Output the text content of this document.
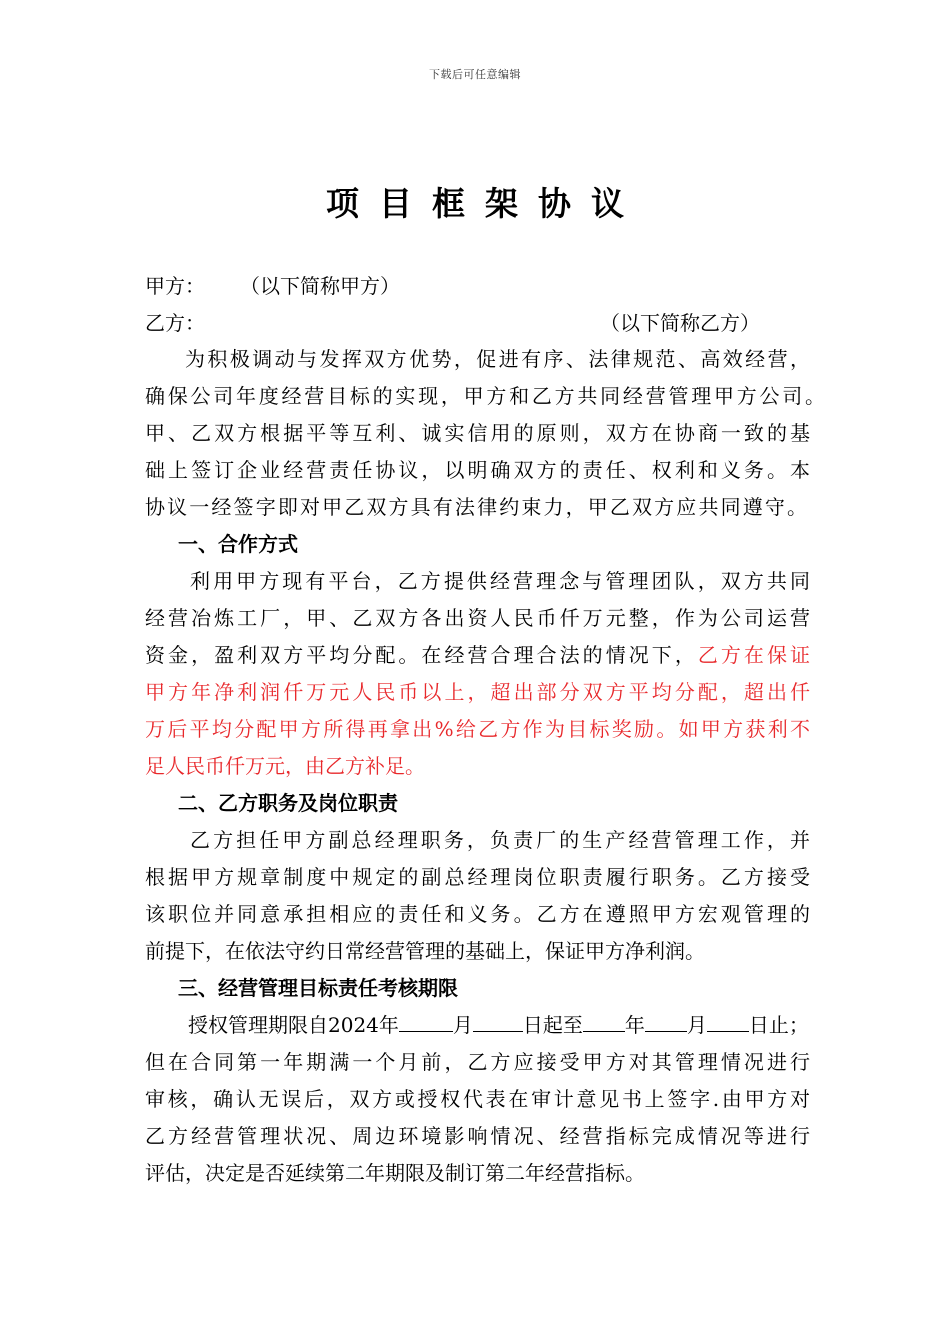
下载后可任意编辑
项目框架协议
甲方：	（以下简称甲方）
乙方：	（以下简称乙方）
为积极调动与发挥双方优势，促进有序、法律规范、高效经营，
确保公司年度经营目标的实现，甲方和乙方共同经营管理甲方公司。
甲、乙双方根据平等互利、诚实信用的原则，双方在协商一致的基
础上签订企业经营责任协议，以明确双方的责任、权利和义务。本
协议一经签字即对甲乙双方具有法律约束力，甲乙双方应共同遵守。
一、合作方式
利用甲方现有平台，乙方提供经营理念与管理团队，双方共同
经营冶炼工厂，甲、乙双方各出资人民币仟万元整，作为公司运营
资金，盈利双方平均分配。在经营合理合法的情况下，乙方在保证
甲方年净利润仟万元人民币以上，超出部分双方平均分配，超出仟
万后平均分配甲方所得再拿出%给乙方作为目标奖励。如甲方获利不
足人民币仟万元，由乙方补足。
二、乙方职务及岗位职责
乙方担任甲方副总经理职务，负责厂的生产经营管理工作，并
根据甲方规章制度中规定的副总经理岗位职责履行职务。乙方接受
该职位并同意承担相应的责任和义务。乙方在遵照甲方宏观管理的
前提下，在依法守约日常经营管理的基础上，保证甲方净利润。
三、经营管理目标责任考核期限
授权管理期限自2024年	月	日起至 年 月 日止；
但在合同第一年期满一个月前，乙方应接受甲方对其管理情况进行
审核，确认无误后，双方或授权代表在审计意见书上签字.由甲方对
乙方经营管理状况、周边环境影响情况、经营指标完成情况等进行
评估，决定是否延续第二年期限及制订第二年经营指标。
